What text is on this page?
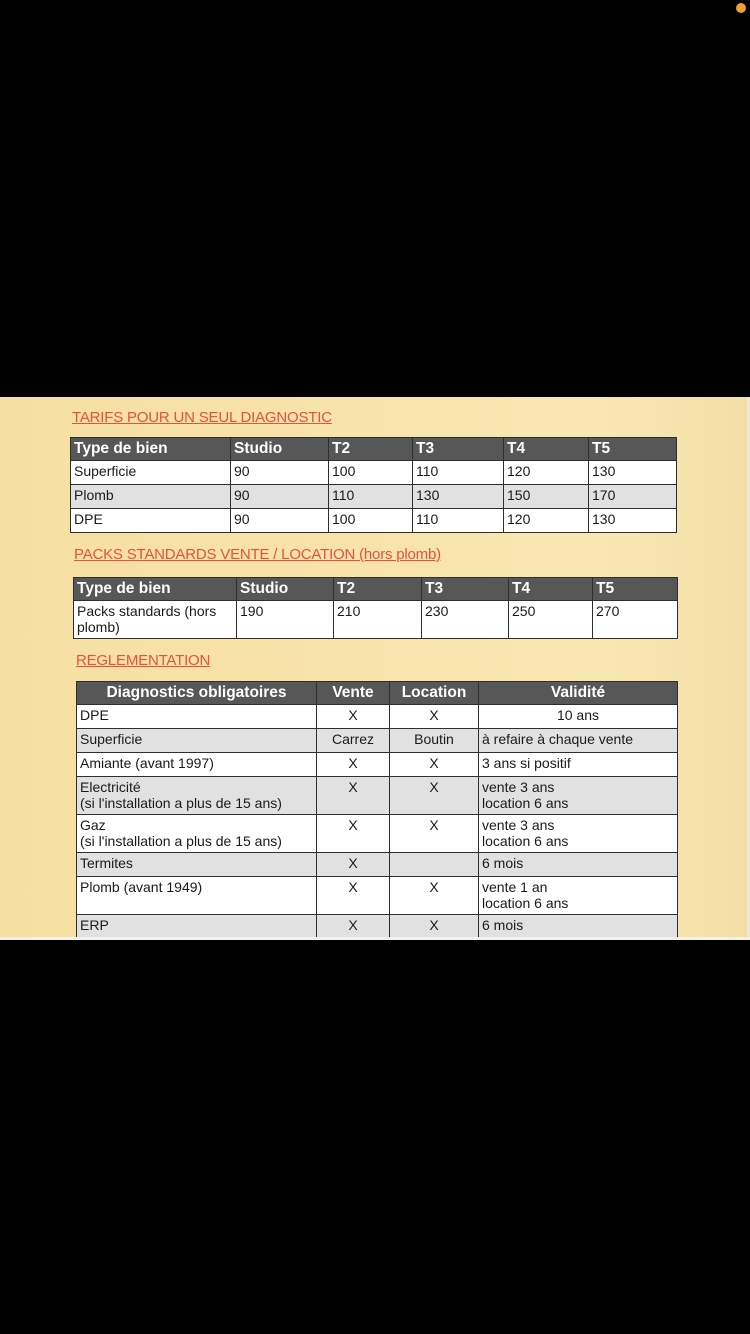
TARIFS POUR UN SEUL DIAGNOSTIC
Type de bien	Studio	T2	T3	T4	T5
Superficie	90	100	110	120	130
Plomb	90	110	130	150	170
DPE	90	100	110	120	130
PACKS STANDARDS VENTE / LOCATION (hors plomb)
Type de bien	Studio	T2	T3	T4	T5
Packs standards (hors
plomb)	190	210	230	250	270
REGLEMENTATION
Diagnostics obligatoires	Vente	Location	Validité
DPE	X	X	10 ans
Superficie	Carrez	Boutin	à refaire à chaque vente
Amiante (avant 1997)	X	X	3 ans si positif
Electricité
(si l'installation a plus de 15 ans)	X	X	vente 3 ans
location 6 ans
Gaz
(si l'installation a plus de 15 ans)	X	X	vente 3 ans
location 6 ans
Termites	X		6 mois
Plomb (avant 1949)	X	X	vente 1 an
location 6 ans
ERP	X	X	6 mois
